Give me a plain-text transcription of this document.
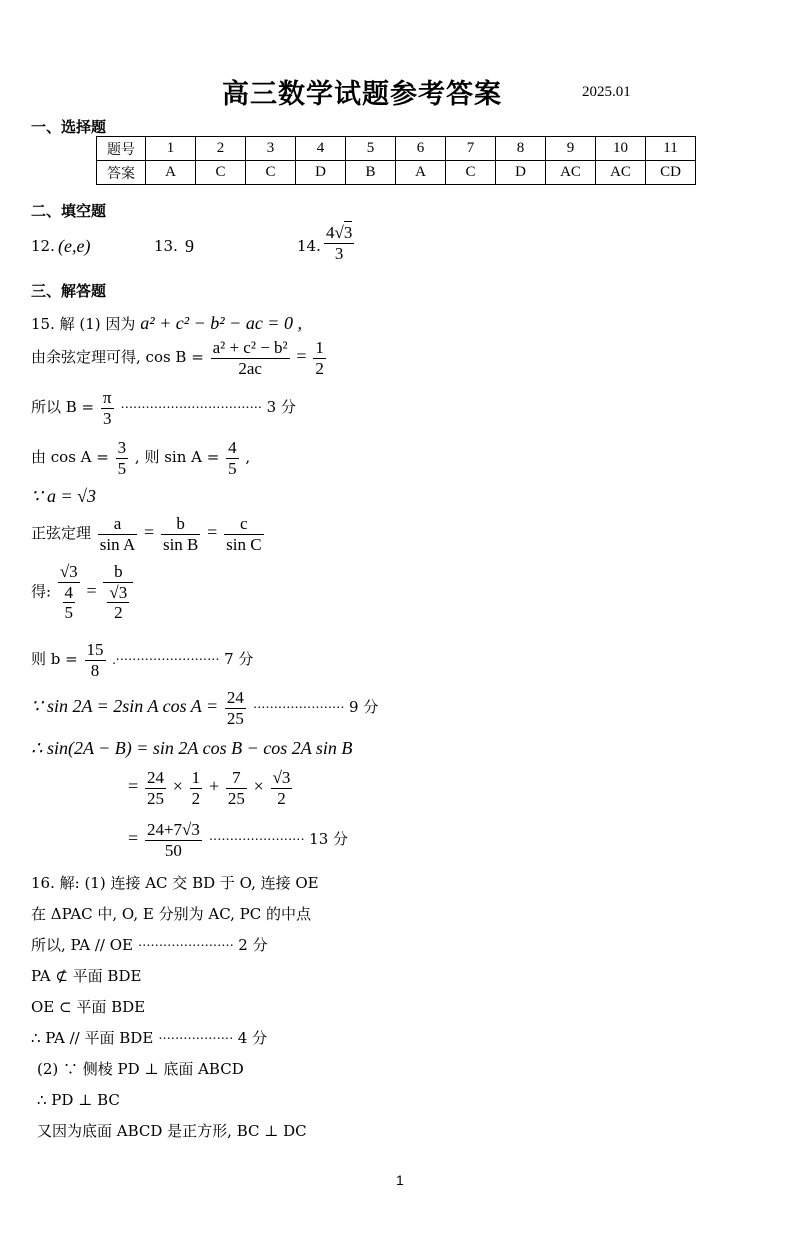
高三数学试题参考答案	2025.01
一、选择题
题号	1	2	3	4	5	6	7	8	9	10	11
答案	A	C	C	D	B	A	C	D	AC	AC	CD
二、填空题
12. (e,e)	13. 9	14. $\frac{4√3}{3}$
三、解答题
15. 解 (1) 因为 a² + c² − b² − ac = 0 ,
由余弦定理可得, $\cos B = \frac{\text{a² + c² − b²}}{2ac} = \frac{1}{2}$
所以 $B = \frac{\pi}{3}$ ·································· 3 分
由 $\cos A = \frac{3}{5}$ , 则 $\sin A = \frac{4}{5}$ ,
∵ a = √3
正弦定理 $\frac{a}{\text{sin A}} = \frac{b}{\text{sin B}} = \frac{c}{\text{sin C}}$
得: $\frac{√3}{\frac{4}{5}} = \frac{b}{\frac{√3}{2}}$
则 $b = \frac{15}{8}$ .························· 7 分
∵ sin 2A = 2sin A $\cos A = \frac{24}{25}$ ······················ 9 分
∴ sin(2A − B) = sin 2A cos B − cos 2A sin B
= $\frac{24}{25} \times \frac{1}{2} + \frac{7}{25} \times \frac{√3}{2}$
= $\frac{24+7√3}{50}$ ······················· 13 分
16. 解: (1) 连接 AC 交 BD 于 O, 连接 OE
在 ΔPAC 中, O, E 分别为 AC, PC 的中点
所以, PA // OE ······················· 2 分
PA ⊄ 平面 BDE
OE ⊂ 平面 BDE
∴ PA // 平面 BDE ·················· 4 分
(2) ∵ 侧棱 PD ⊥ 底面 ABCD
∴ PD ⊥ BC
又因为底面 ABCD 是正方形, BC ⊥ DC
1
